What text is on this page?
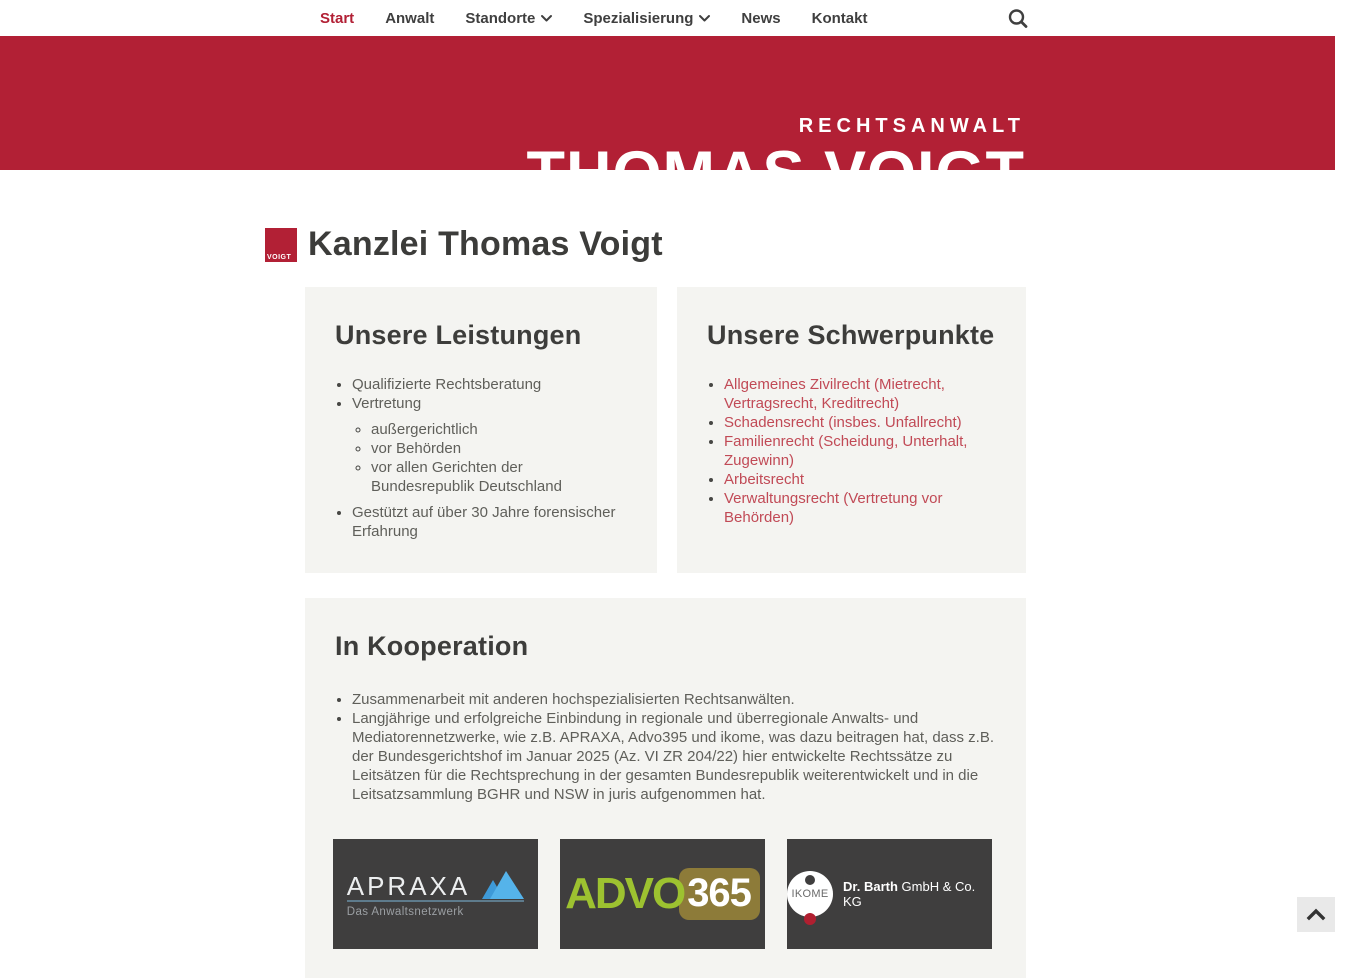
Start Anwalt Standorte	Spezialisierung	News Kontakt
RECHTSANWALT
THOMAS VOIGT
VOIGT Kanzlei Thomas Voigt
Unsere Leistungen
• Qualifizierte Rechtsberatung
• Vertretung
◦ außergerichtlich
◦ vor Behörden
◦ vor allen Gerichten der Bundesrepublik Deutschland
• Gestützt auf über 30 Jahre forensischer Erfahrung
Unsere Schwerpunkte
• Allgemeines Zivilrecht (Mietrecht, Vertragsrecht, Kreditrecht)
• Schadensrecht (insbes. Unfallrecht)
• Familienrecht (Scheidung, Unterhalt, Zugewinn)
• Arbeitsrecht
• Verwaltungsrecht (Vertretung vor Behörden)
In Kooperation
• Zusammenarbeit mit anderen hochspezialisierten Rechtsanwälten.
• Langjährige und erfolgreiche Einbindung in regionale und überregionale Anwalts- und Mediatorennetzwerke, wie z.B. APRAXA, Advo395 und ikome, was dazu beitragen hat, dass z.B. der Bundesgerichtshof im Januar 2025 (Az. VI ZR 204/22) hier entwickelte Rechtssätze zu Leitsätzen für die Rechtsprechung in der gesamten Bundesrepublik weiterentwickelt und in die Leitsatzsammlung BGHR und NSW in juris aufgenommen hat.
APRAXA
Das Anwaltsnetzwerk	ADVO 365	IKOME Dr. Barth GmbH & Co. KG
